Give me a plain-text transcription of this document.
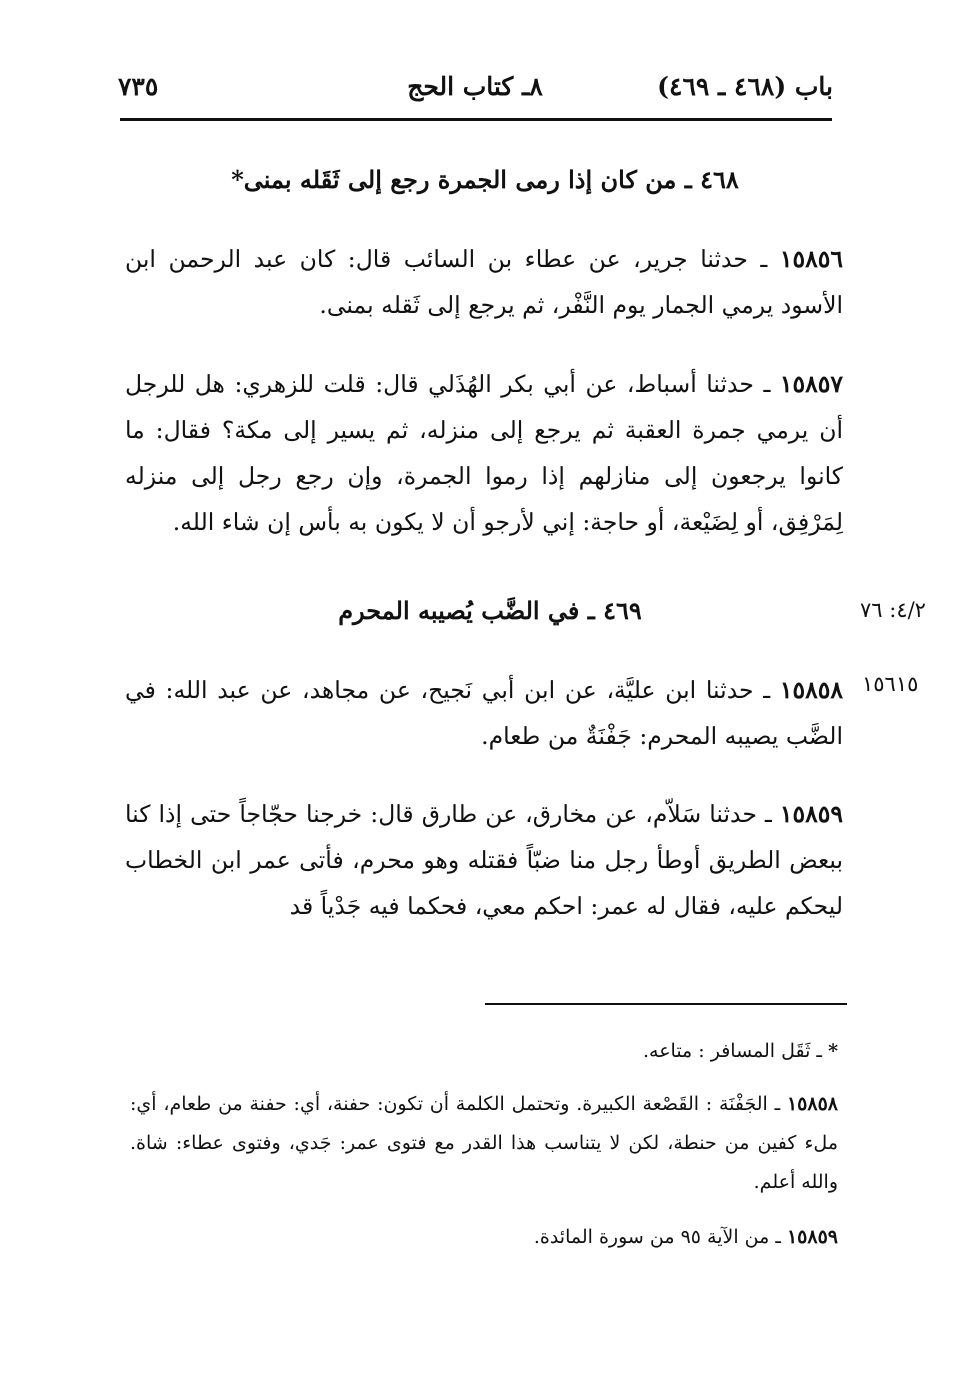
باب (٤٦٨ ـ ٤٦٩)
٨ـ كتاب الحج
٧٣٥
٤٦٨ ـ من كان إذا رمى الجمرة رجع إلى ثَقَله بمنى*
١٥٨٥٦ ـ حدثنا جرير، عن عطاء بن السائب قال: كان عبد الرحمن ابن الأسود يرمي الجمار يوم النَّفْر، ثم يرجع إلى ثَقله بمنى.
١٥٨٥٧ ـ حدثنا أسباط، عن أبي بكر الهُذَلي قال: قلت للزهري: هل للرجل أن يرمي جمرة العقبة ثم يرجع إلى منزله، ثم يسير إلى مكة؟ فقال: ما كانوا يرجعون إلى منازلهم إذا رموا الجمرة، وإن رجع رجل إلى منزله لِمَرْفِق، أو لِضَيْعة، أو حاجة: إني لأرجو أن لا يكون به بأس إن شاء الله.
٤٦٩ ـ في الضَّب يُصيبه المحرم	٤/٢: ٧٦
١٥٨٥٨ ـ حدثنا ابن عليَّة، عن ابن أبي نَجيح، عن مجاهد، عن عبد الله: في الضَّب يصيبه المحرم: جَفْنَةٌ من طعام.
١٥٦١٥
١٥٨٥٩ ـ حدثنا سَلاّم، عن مخارق، عن طارق قال: خرجنا حجّاجاً حتى إذا كنا ببعض الطريق أوطأ رجل منا ضبّاً فقتله وهو محرم، فأتى عمر ابن الخطاب ليحكم عليه، فقال له عمر: احكم معي، فحكما فيه جَدْياً قد
* ـ ثَقَل المسافر : متاعه.
١٥٨٥٨ ـ الجَفْنَة : القَصْعة الكبيرة. وتحتمل الكلمة أن تكون: حفنة، أي: حفنة من طعام، أي: ملء كفين من حنطة، لكن لا يتناسب هذا القدر مع فتوى عمر: جَدي، وفتوى عطاء: شاة. والله أعلم.
١٥٨٥٩ ـ من الآية ٩٥ من سورة المائدة.
